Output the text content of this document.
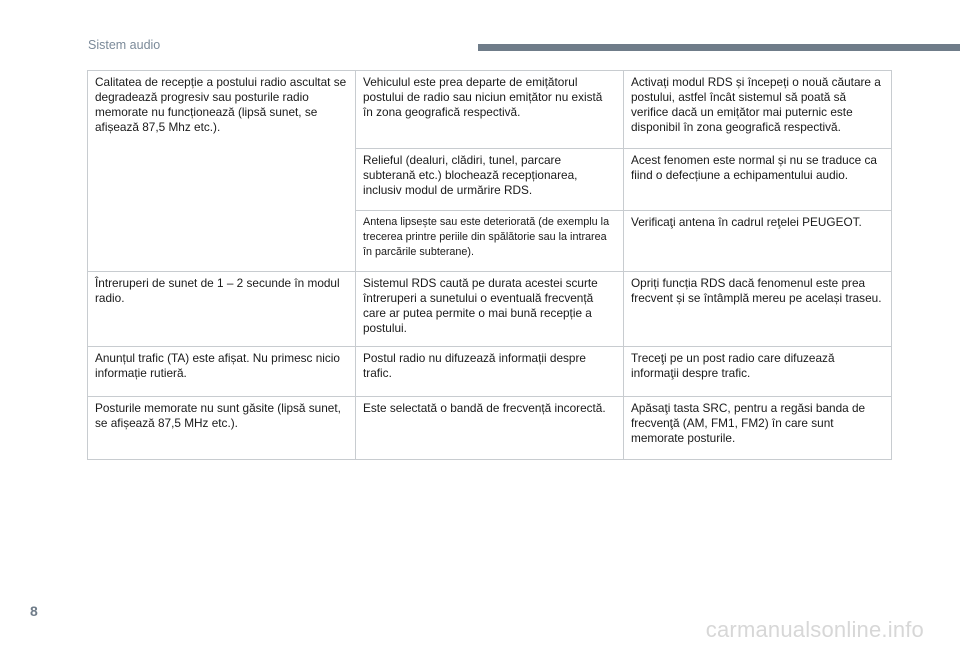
Sistem audio
Calitatea de recepție a postului radio ascultat se degradează progresiv sau posturile radio memorate nu funcționează (lipsă sunet, se afișează 87,5 Mhz etc.).	Vehiculul este prea departe de emițătorul postului de radio sau niciun emițător nu există în zona geografică respectivă.	Activați modul RDS și începeți o nouă căutare a postului, astfel încât sistemul să poată să verifice dacă un emițător mai puternic este disponibil în zona geografică respectivă.
	Relieful (dealuri, clădiri, tunel, parcare subterană etc.) blochează recepționarea, inclusiv modul de urmărire RDS.	Acest fenomen este normal și nu se traduce ca fiind o defecțiune a echipamentului audio.
	Antena lipsește sau este deteriorată (de exemplu la trecerea printre periile din spălătorie sau la intrarea în parcările subterane).	Verificaţi antena în cadrul reţelei PEUGEOT.
Întreruperi de sunet de 1 – 2 secunde în modul radio.	Sistemul RDS caută pe durata acestei scurte întreruperi a sunetului o eventuală frecvență care ar putea permite o mai bună recepție a postului.	Opriți funcția RDS dacă fenomenul este prea frecvent și se întâmplă mereu pe același traseu.
Anunțul trafic (TA) este afișat. Nu primesc nicio informație rutieră.	Postul radio nu difuzează informații despre trafic.	Treceţi pe un post radio care difuzează informaţii despre trafic.
Posturile memorate nu sunt găsite (lipsă sunet, se afișează 87,5 MHz etc.).	Este selectată o bandă de frecvență incorectă.	Apăsaţi tasta SRC, pentru a regăsi banda de frecvenţă (AM, FM1, FM2) în care sunt memorate posturile.
8
carmanualsonline.info
